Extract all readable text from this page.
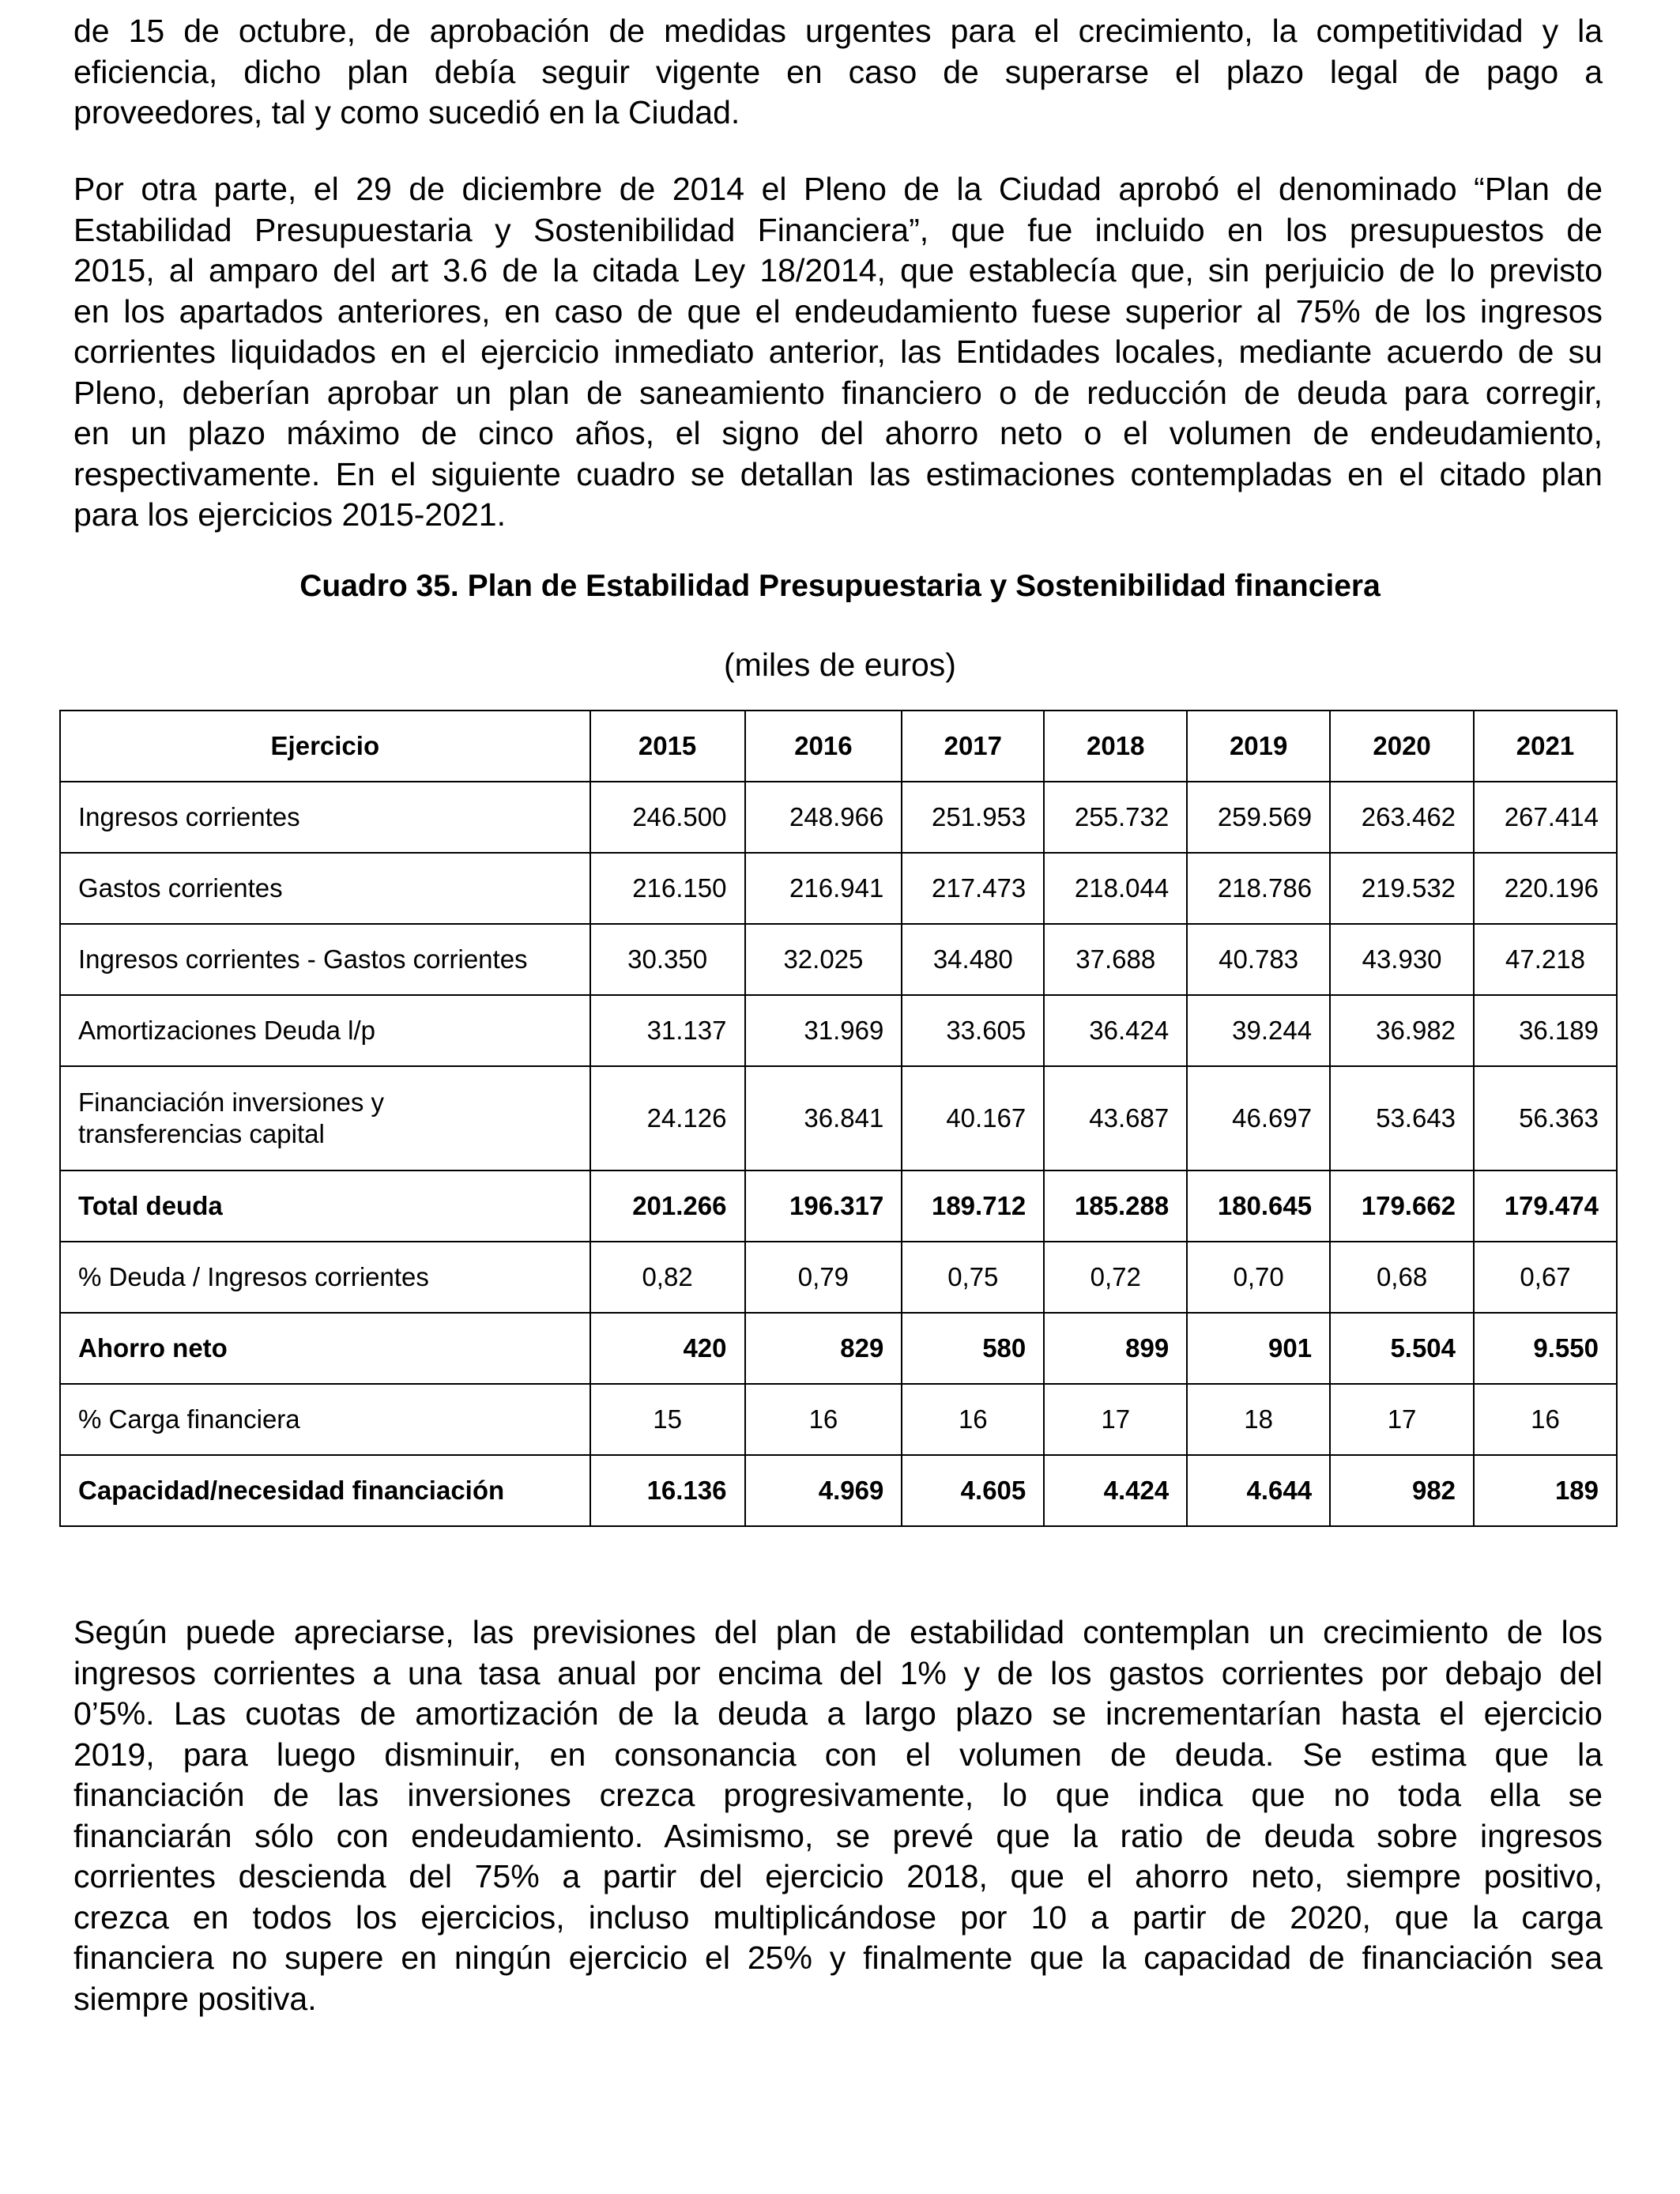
de 15 de octubre, de aprobación de medidas urgentes para el crecimiento, la competitividad y la
eficiencia, dicho plan debía seguir vigente en caso de superarse el plazo legal de pago a
proveedores, tal y como sucedió en la Ciudad.

Por otra parte, el 29 de diciembre de 2014 el Pleno de la Ciudad aprobó el denominado “Plan de
Estabilidad Presupuestaria y Sostenibilidad Financiera”, que fue incluido en los presupuestos de
2015, al amparo del art 3.6 de la citada Ley 18/2014, que establecía que, sin perjuicio de lo previsto
en los apartados anteriores, en caso de que el endeudamiento fuese superior al 75% de los ingresos
corrientes liquidados en el ejercicio inmediato anterior, las Entidades locales, mediante acuerdo de su
Pleno, deberían aprobar un plan de saneamiento financiero o de reducción de deuda para corregir,
en un plazo máximo de cinco años, el signo del ahorro neto o el volumen de endeudamiento,
respectivamente. En el siguiente cuadro se detallan las estimaciones contempladas en el citado plan
para los ejercicios 2015-2021.

Cuadro 35. Plan de Estabilidad Presupuestaria y Sostenibilidad financiera
(miles de euros)
Ejercicio	2015	2016	2017	2018	2019	2020	2021
Ingresos corrientes	246.500	248.966	251.953	255.732	259.569	263.462	267.414
Gastos corrientes	216.150	216.941	217.473	218.044	218.786	219.532	220.196
Ingresos corrientes - Gastos corrientes	30.350	32.025	34.480	37.688	40.783	43.930	47.218
Amortizaciones Deuda l/p	31.137	31.969	33.605	36.424	39.244	36.982	36.189
Financiación inversiones y
transferencias capital	24.126	36.841	40.167	43.687	46.697	53.643	56.363
Total deuda	201.266	196.317	189.712	185.288	180.645	179.662	179.474
% Deuda / Ingresos corrientes	0,82	0,79	0,75	0,72	0,70	0,68	0,67
Ahorro neto	420	829	580	899	901	5.504	9.550
% Carga financiera	15	16	16	17	18	17	16
Capacidad/necesidad financiación	16.136	4.969	4.605	4.424	4.644	982	189

Según puede apreciarse, las previsiones del plan de estabilidad contemplan un crecimiento de los
ingresos corrientes a una tasa anual por encima del 1% y de los gastos corrientes por debajo del
0’5%. Las cuotas de amortización de la deuda a largo plazo se incrementarían hasta el ejercicio
2019, para luego disminuir, en consonancia con el volumen de deuda. Se estima que la
financiación de las inversiones crezca progresivamente, lo que indica que no toda ella se
financiarán sólo con endeudamiento. Asimismo, se prevé que la ratio de deuda sobre ingresos
corrientes descienda del 75% a partir del ejercicio 2018, que el ahorro neto, siempre positivo,
crezca en todos los ejercicios, incluso multiplicándose por 10 a partir de 2020, que la carga
financiera no supere en ningún ejercicio el 25% y finalmente que la capacidad de financiación sea
siempre positiva.
